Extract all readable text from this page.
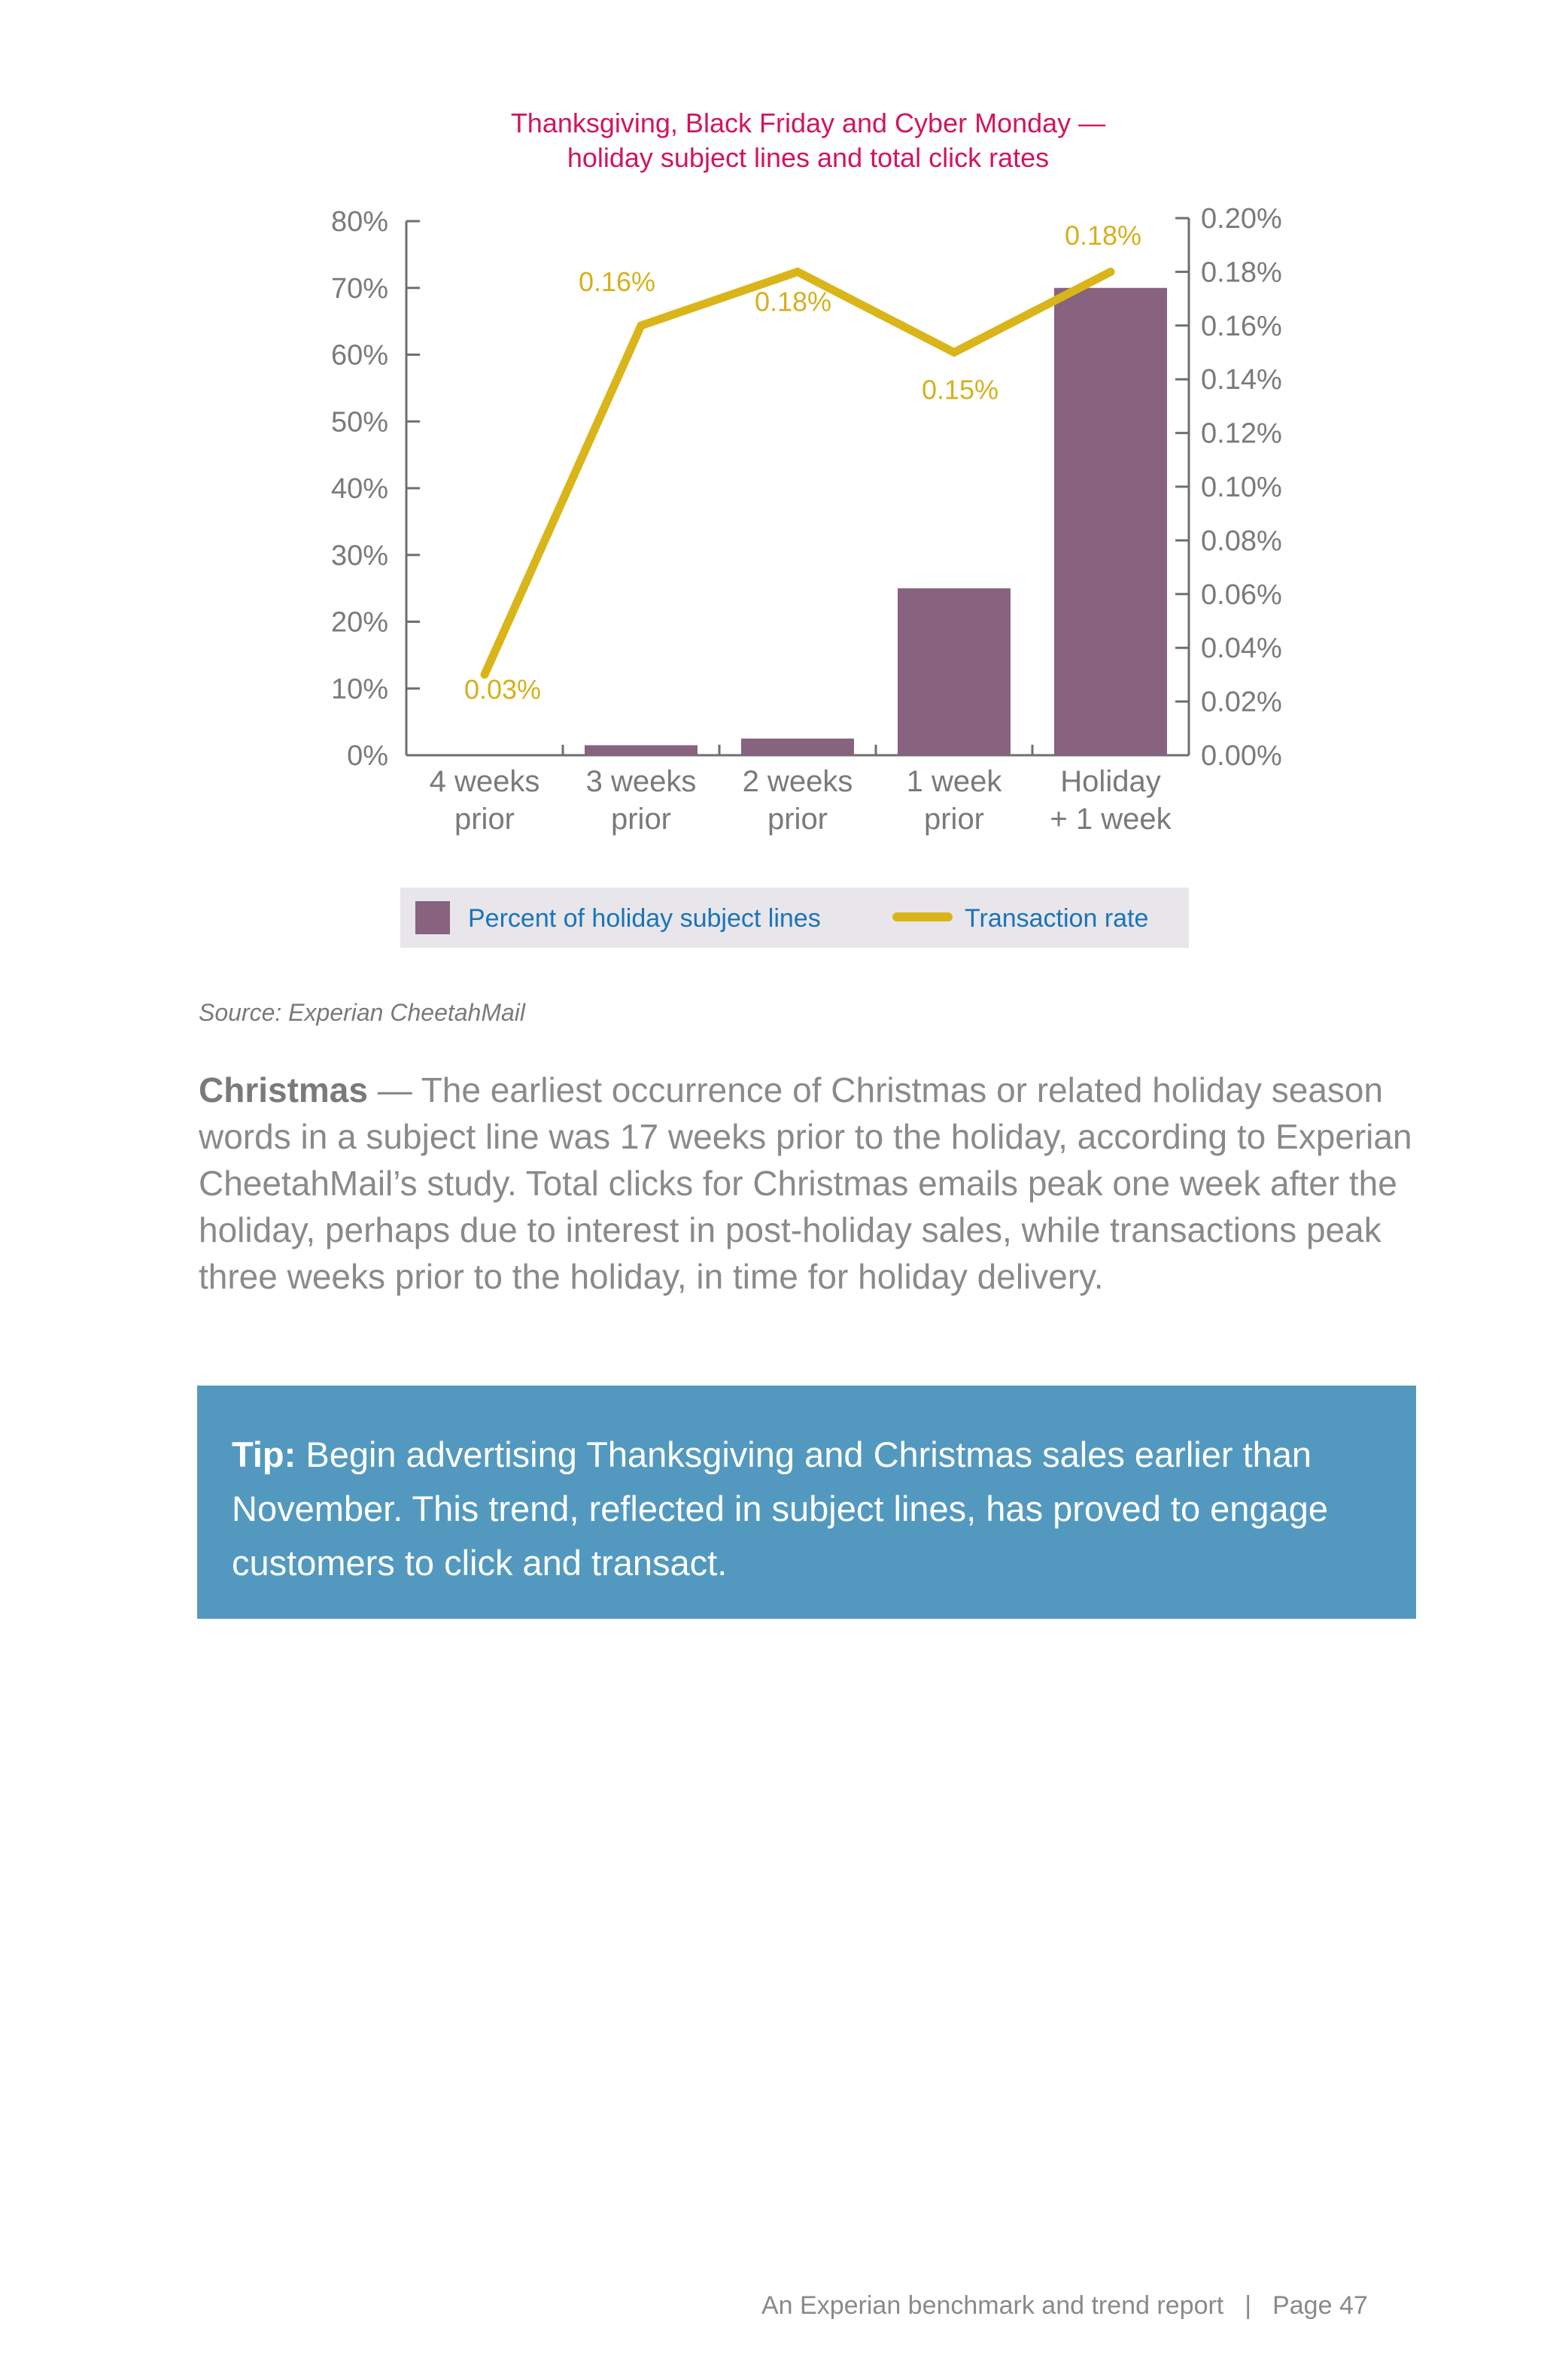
Thanksgiving, Black Friday and Cyber Monday —
holiday subject lines and total click rates
0%
10%
20%
30%
40%
50%
60%
70%
80%
0.00%
0.02%
0.04%
0.06%
0.08%
0.10%
0.12%
0.14%
0.16%
0.18%
0.20%
0.03%
0.16%
0.18%
0.15%
0.18%
4 weeks
prior
3 weeks
prior
2 weeks
prior
1 week
prior
Holiday
+ 1 week
Percent of holiday subject lines	Transaction rate
Source: Experian CheetahMail

Christmas — The earliest occurrence of Christmas or related holiday season words in a subject line was 17 weeks prior to the holiday, according to Experian CheetahMail’s study. Total clicks for Christmas emails peak one week after the holiday, perhaps due to interest in post-holiday sales, while transactions peak three weeks prior to the holiday, in time for holiday delivery.

Tip: Begin advertising Thanksgiving and Christmas sales earlier than November. This trend, reflected in subject lines, has proved to engage customers to click and transact.
An Experian benchmark and trend report | Page 47
